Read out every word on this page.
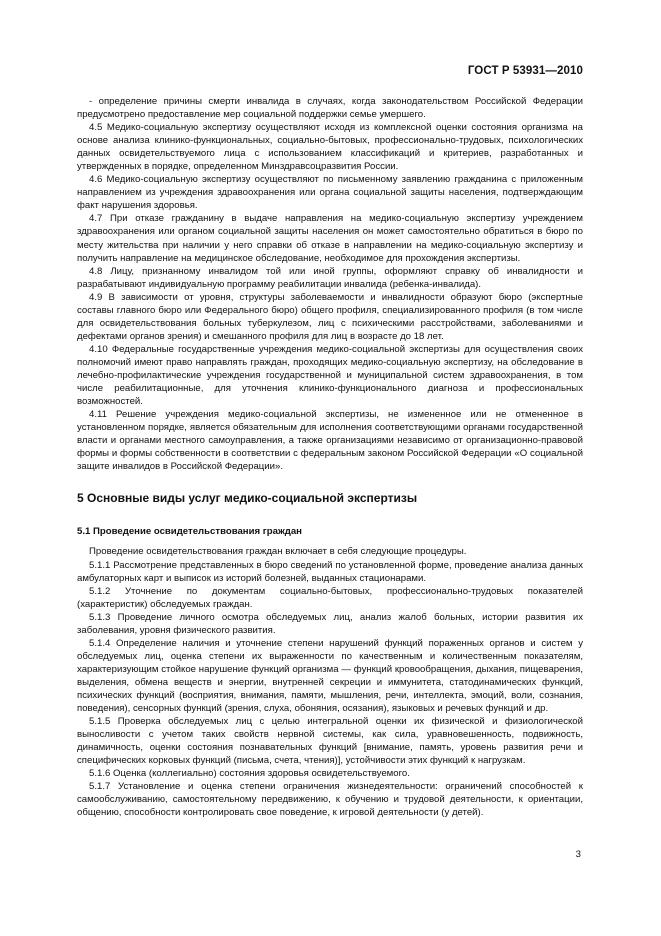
ГОСТ Р 53931—2010

- определение причины смерти инвалида в случаях, когда законодательством Российской Федерации предусмотрено предоставление мер социальной поддержки семье умершего.

4.5 Медико-социальную экспертизу осуществляют исходя из комплексной оценки состояния организма на основе анализа клинико-функциональных, социально-бытовых, профессионально-трудовых, психологических данных освидетельствуемого лица с использованием классификаций и критериев, разработанных и утвержденных в порядке, определенном Минздравсоцразвития России.

4.6 Медико-социальную экспертизу осуществляют по письменному заявлению гражданина с приложенным направлением из учреждения здравоохранения или органа социальной защиты населения, подтверждающим факт нарушения здоровья.

4.7 При отказе гражданину в выдаче направления на медико-социальную экспертизу учреждением здравоохранения или органом социальной защиты населения он может самостоятельно обратиться в бюро по месту жительства при наличии у него справки об отказе в направлении на медико-социальную экспертизу и получить направление на медицинское обследование, необходимое для прохождения экспертизы.

4.8 Лицу, признанному инвалидом той или иной группы, оформляют справку об инвалидности и разрабатывают индивидуальную программу реабилитации инвалида (ребенка-инвалида).

4.9 В зависимости от уровня, структуры заболеваемости и инвалидности образуют бюро (экспертные составы главного бюро или Федерального бюро) общего профиля, специализированного профиля (в том числе для освидетельствования больных туберкулезом, лиц с психическими расстройствами, заболеваниями и дефектами органов зрения) и смешанного профиля для лиц в возрасте до 18 лет.

4.10 Федеральные государственные учреждения медико-социальной экспертизы для осуществления своих полномочий имеют право направлять граждан, проходящих медико-социальную экспертизу, на обследование в лечебно-профилактические учреждения государственной и муниципальной систем здравоохранения, в том числе реабилитационные, для уточнения клинико-функционального диагноза и профессиональных возможностей.

4.11 Решение учреждения медико-социальной экспертизы, не измененное или не отмененное в установленном порядке, является обязательным для исполнения соответствующими органами государственной власти и органами местного самоуправления, а также организациями независимо от организационно-правовой формы и формы собственности в соответствии с федеральным законом Российской Федерации «О социальной защите инвалидов в Российской Федерации».

5 Основные виды услуг медико-социальной экспертизы

5.1 Проведение освидетельствования граждан

Проведение освидетельствования граждан включает в себя следующие процедуры.

5.1.1 Рассмотрение представленных в бюро сведений по установленной форме, проведение анализа данных амбулаторных карт и выписок из историй болезней, выданных стационарами.

5.1.2 Уточнение по документам социально-бытовых, профессионально-трудовых показателей (характеристик) обследуемых граждан.

5.1.3 Проведение личного осмотра обследуемых лиц, анализ жалоб больных, истории развития их заболевания, уровня физического развития.

5.1.4 Определение наличия и уточнение степени нарушений функций пораженных органов и систем у обследуемых лиц, оценка степени их выраженности по качественным и количественным показателям, характеризующим стойкое нарушение функций организма — функций кровообращения, дыхания, пищеварения, выделения, обмена веществ и энергии, внутренней секреции и иммунитета, статодинамических функций, психических функций (восприятия, внимания, памяти, мышления, речи, интеллекта, эмоций, воли, сознания, поведения), сенсорных функций (зрения, слуха, обоняния, осязания), языковых и речевых функций и др.

5.1.5 Проверка обследуемых лиц с целью интегральной оценки их физической и физиологической выносливости с учетом таких свойств нервной системы, как сила, уравновешенность, подвижность, динамичность, оценки состояния познавательных функций [внимание, память, уровень развития речи и специфических корковых функций (письма, счета, чтения)], устойчивости этих функций к нагрузкам.

5.1.6 Оценка (коллегиально) состояния здоровья освидетельствуемого.

5.1.7 Установление и оценка степени ограничения жизнедеятельности: ограничений способностей к самообслуживанию, самостоятельному передвижению, к обучению и трудовой деятельности, к ориентации, общению, способности контролировать свое поведение, к игровой деятельности (у детей).

3
